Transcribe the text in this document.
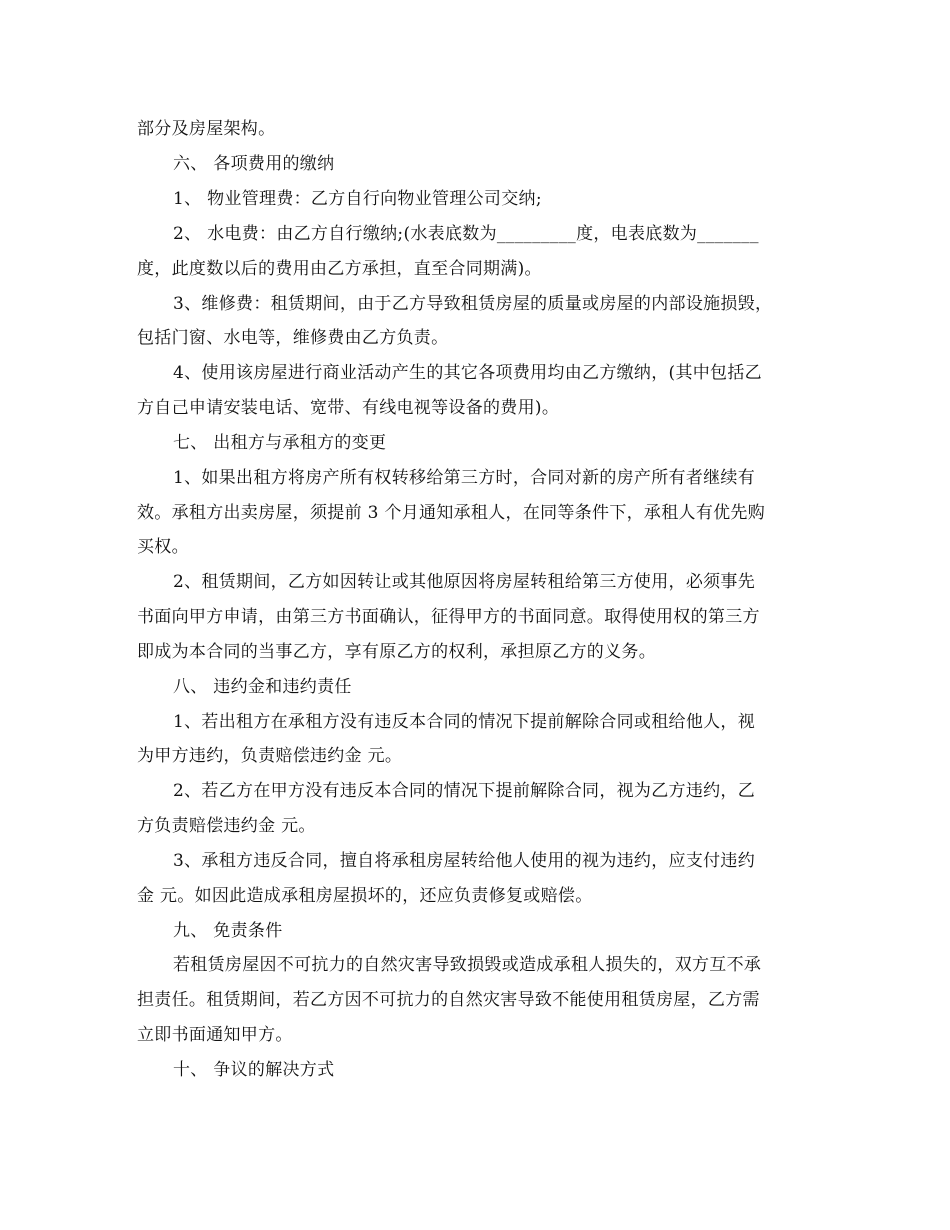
部分及房屋架构。

六、 各项费用的缴纳

1、 物业管理费：乙方自行向物业管理公司交纳;

2、 水电费：由乙方自行缴纳;(水表底数为_________度，电表底数为_______

度，此度数以后的费用由乙方承担，直至合同期满)。

3、维修费：租赁期间，由于乙方导致租赁房屋的质量或房屋的内部设施损毁，

包括门窗、水电等，维修费由乙方负责。

4、使用该房屋进行商业活动产生的其它各项费用均由乙方缴纳，(其中包括乙

方自己申请安装电话、宽带、有线电视等设备的费用)。

七、 出租方与承租方的变更

1、如果出租方将房产所有权转移给第三方时，合同对新的房产所有者继续有

效。承租方出卖房屋，须提前 3 个月通知承租人，在同等条件下，承租人有优先购

买权。

2、租赁期间，乙方如因转让或其他原因将房屋转租给第三方使用，必须事先

书面向甲方申请，由第三方书面确认，征得甲方的书面同意。取得使用权的第三方

即成为本合同的当事乙方，享有原乙方的权利，承担原乙方的义务。

八、 违约金和违约责任

1、若出租方在承租方没有违反本合同的情况下提前解除合同或租给他人，视

为甲方违约，负责赔偿违约金 元。

2、若乙方在甲方没有违反本合同的情况下提前解除合同，视为乙方违约，乙

方负责赔偿违约金 元。

3、承租方违反合同，擅自将承租房屋转给他人使用的视为违约，应支付违约

金 元。如因此造成承租房屋损坏的，还应负责修复或赔偿。

九、 免责条件

若租赁房屋因不可抗力的自然灾害导致损毁或造成承租人损失的，双方互不承

担责任。租赁期间，若乙方因不可抗力的自然灾害导致不能使用租赁房屋，乙方需

立即书面通知甲方。

十、 争议的解决方式
